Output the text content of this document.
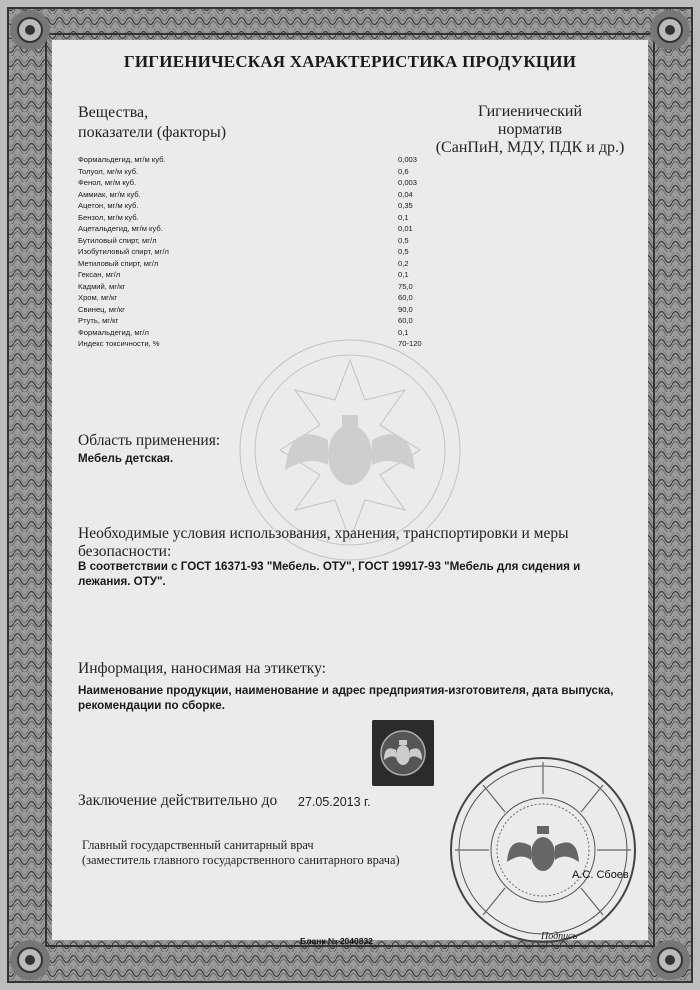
ГИГИЕНИЧЕСКАЯ ХАРАКТЕРИСТИКА ПРОДУКЦИИ
Вещества,
показатели (факторы)
Гигиенический
норматив
(СанПиН, МДУ, ПДК и др.)
Формальдегид, мг/м куб.	0,003
Толуол, мг/м куб.	0,6
Фенол, мг/м куб.	0,003
Аммиак, мг/м куб.	0,04
Ацетон, мг/м куб.	0,35
Бензол, мг/м куб.	0,1
Ацетальдегид, мг/м куб.	0,01
Бутиловый спирт, мг/л	0,5
Изобутиловый спирт, мг/л	0,5
Метиловый спирт, мг/л	0,2
Гексан, мг/л	0,1
Кадмий, мг/кг	75,0
Хром, мг/кг	60,0
Свинец, мг/кг	90,0
Ртуть, мг/кг	60,0
Формальдегид, мг/л	0,1
Индекс токсичности, %	70-120
Область применения:
Мебель детская.
Необходимые условия использования, хранения, транспортировки и меры
безопасности:
В соответствии с ГОСТ 16371-93 "Мебель. ОТУ", ГОСТ 19917-93 "Мебель для сидения и
лежания. ОТУ".
Информация, наносимая на этикетку:
Наименование продукции, наименование и адрес предприятия-изготовителя, дата выпуска,
рекомендации по сборке.
Подпись
Заключение действительно до 27.05.2013 г.
Главный государственный санитарный врач
(заместитель главного государственного санитарного врача)
А.С. Сбоев
Бланк № 2040832
